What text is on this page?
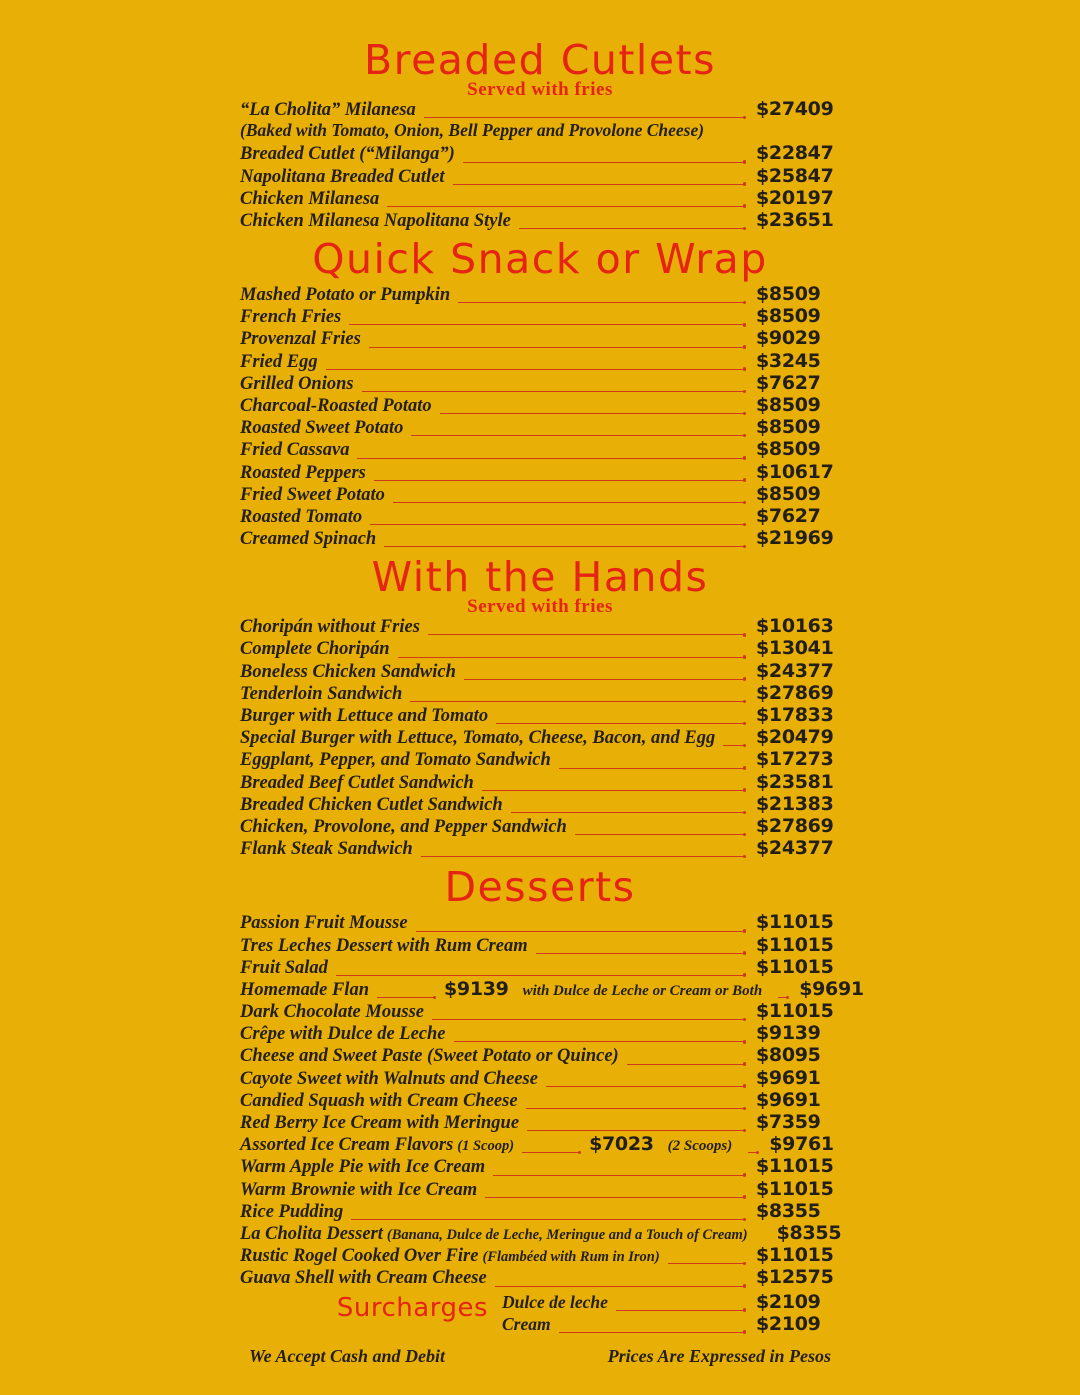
Breaded Cutlets
Served with fries
“La Cholita” Milanesa	$27409
(Baked with Tomato, Onion, Bell Pepper and Provolone Cheese)
Breaded Cutlet (“Milanga”)	$22847
Napolitana Breaded Cutlet	$25847
Chicken Milanesa	$20197
Chicken Milanesa Napolitana Style	$23651
Quick Snack or Wrap
Mashed Potato or Pumpkin	$8509
French Fries	$8509
Provenzal Fries	$9029
Fried Egg	$3245
Grilled Onions	$7627
Charcoal-Roasted Potato	$8509
Roasted Sweet Potato	$8509
Fried Cassava	$8509
Roasted Peppers	$10617
Fried Sweet Potato	$8509
Roasted Tomato	$7627
Creamed Spinach	$21969
With the Hands
Served with fries
Choripán without Fries	$10163
Complete Choripán	$13041
Boneless Chicken Sandwich	$24377
Tenderloin Sandwich	$27869
Burger with Lettuce and Tomato	$17833
Special Burger with Lettuce, Tomato, Cheese, Bacon, and Egg	$20479
Eggplant, Pepper, and Tomato Sandwich	$17273
Breaded Beef Cutlet Sandwich	$23581
Breaded Chicken Cutlet Sandwich	$21383
Chicken, Provolone, and Pepper Sandwich	$27869
Flank Steak Sandwich	$24377
Desserts
Passion Fruit Mousse	$11015
Tres Leches Dessert with Rum Cream	$11015
Fruit Salad	$11015
Homemade Flan	$9139 with Dulce de Leche or Cream or Both	$9691
Dark Chocolate Mousse	$11015
Crêpe with Dulce de Leche	$9139
Cheese and Sweet Paste (Sweet Potato or Quince)	$8095
Cayote Sweet with Walnuts and Cheese	$9691
Candied Squash with Cream Cheese	$9691
Red Berry Ice Cream with Meringue	$7359
Assorted Ice Cream Flavors (1 Scoop)	$7023 (2 Scoops)	$9761
Warm Apple Pie with Ice Cream	$11015
Warm Brownie with Ice Cream	$11015
Rice Pudding	$8355
La Cholita Dessert (Banana, Dulce de Leche, Meringue and a Touch of Cream)	$8355
Rustic Rogel Cooked Over Fire (Flambéed with Rum in Iron)	$11015
Guava Shell with Cream Cheese	$12575
Surcharges Dulce de leche	$2109
Cream	$2109
We Accept Cash and Debit	Prices Are Expressed in Pesos
